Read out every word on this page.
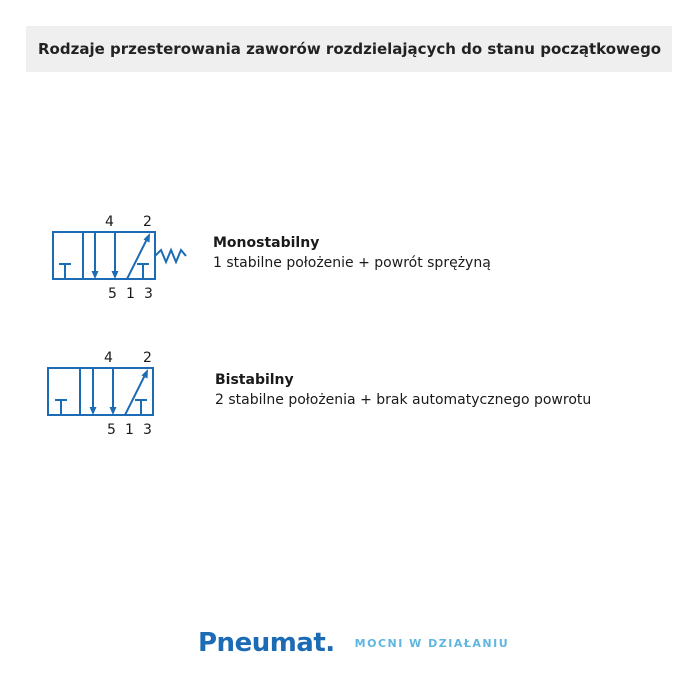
Rodzaje przesterowania zaworów rozdzielających do stanu początkowego
4 2
5 1 3
Monostabilny
1 stabilne położenie + powrót sprężyną
4 2
5 1 3
Bistabilny
2 stabilne położenia + brak automatycznego powrotu
Pneumat. MOCNI W DZIAŁANIU
